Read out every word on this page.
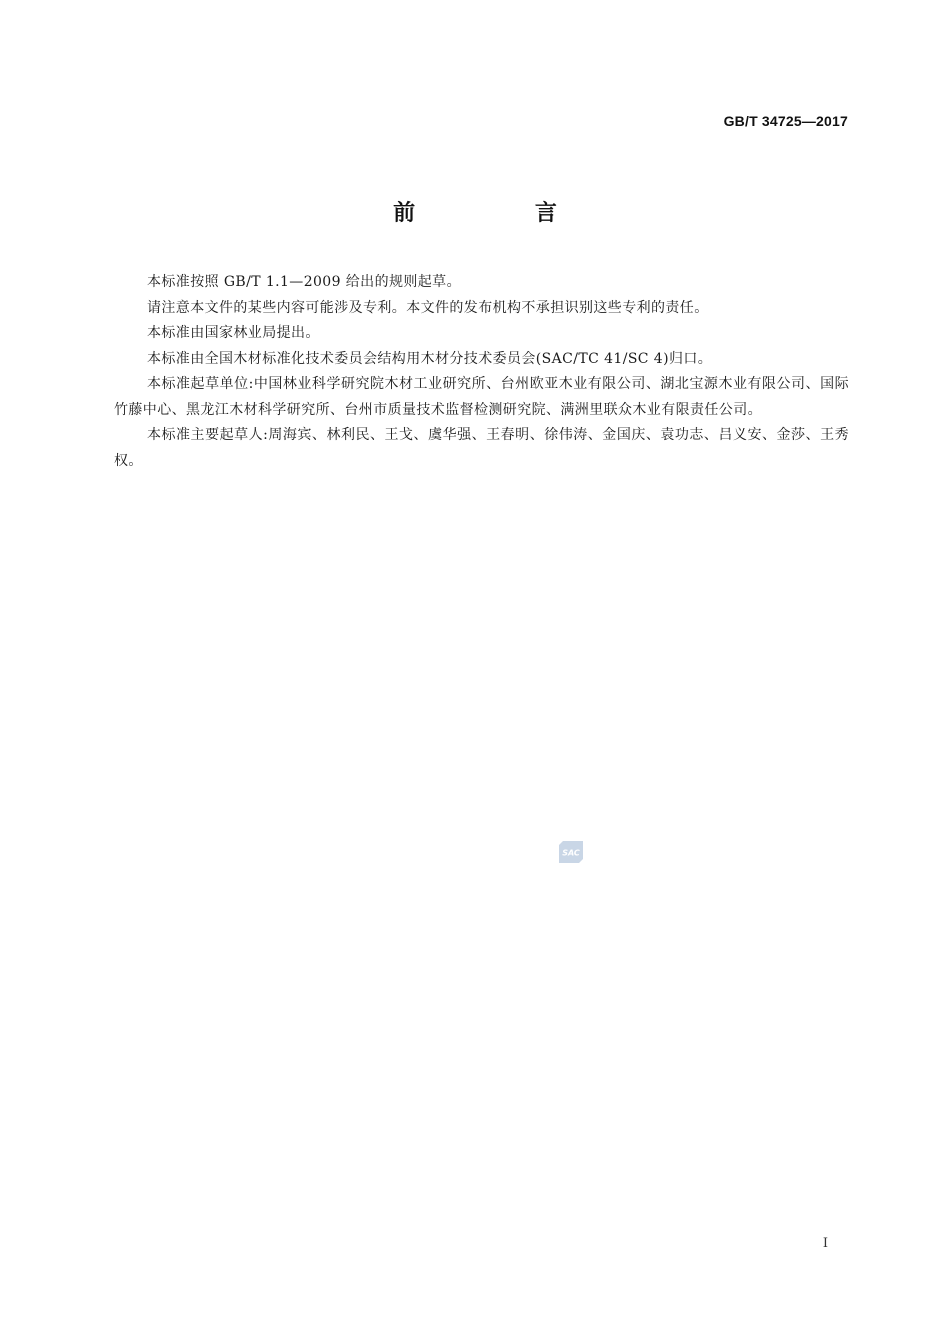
GB/T 34725—2017
前 言

本标准按照 GB/T 1.1—2009 给出的规则起草。

请注意本文件的某些内容可能涉及专利。本文件的发布机构不承担识别这些专利的责任。

本标准由国家林业局提出。

本标准由全国木材标准化技术委员会结构用木材分技术委员会(SAC/TC 41/SC 4)归口。

本标准起草单位:中国林业科学研究院木材工业研究所、台州欧亚木业有限公司、湖北宝源木业有限公司、国际竹藤中心、黑龙江木材科学研究所、台州市质量技术监督检测研究院、满洲里联众木业有限责任公司。

本标准主要起草人:周海宾、林利民、王戈、虞华强、王春明、徐伟涛、金国庆、袁功志、吕义安、金莎、王秀权。

SAC
I
